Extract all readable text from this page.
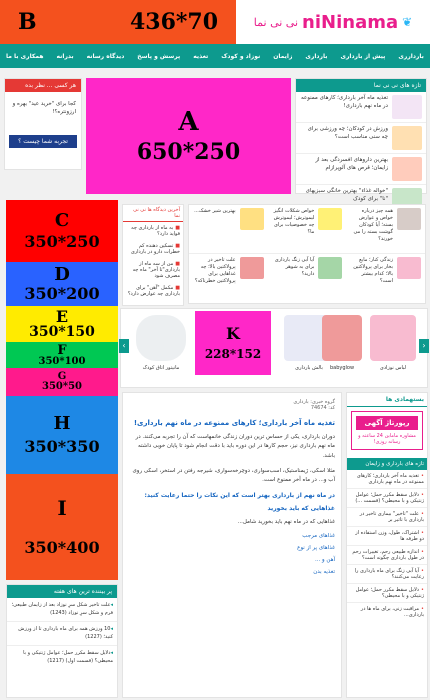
B	436*70	نی نی نما niNinama ❦
باردارری
پیش از بارداری
بارداری
زایمان
نوزاد و کودک
تغذیه
پرسش و پاسخ
دیدگاه رسانه
بدرانه
همکاری با ما
هر کسی ... نظر بده
کجا برای "خرید عید" بهره و ارزونتره؟!
تجربه شما چیست ؟
A
650*250
تازه های نی نی نما
تغذیه ماه آخر بارداری؛ کارهای ممنوعه در ماه نهم بارداری!
ورزش در کودکان؛ چه ورزشی برای چه سنی مناسب است؟
بهترین داروهای افسردگی بعد از زایمان؛ قرص های آلوپرازام
"خواله غذاء" بهترین خانگی سبزیهای "نا" برای کودک
C
350*250
D
350*200
E
350*150
F
350*100
G
350*50
H
350*350
I
350*400
آخرین دیدگاه ها نی نی نما
■به ماه از بارداری چه فواید دارد؟
■تسکین دهنده کم خطرات دارو در بارداری
■من از سه ماه از بارداری"تا آخر" ماه چه مصرف شود
■مکمل "آهن" برای بارداری چه عوارض دارد؟
همه چیز درباره خواص و عوارض بسته؛ آیا کودکان گوشت بسته را می خورند؟
خواص شکلات انگیز لیموترش؛ لیموترش چه خصوصیات برای ما؟
بهترین شیر خشک...
زندگی کنار؛ مایع بخار برای پرولاکتین بالا؛ کدام بیشتر است؟
آیا آبی زنگ بارداری برای به شوهر دارید؟
علت تاخیر در پرولاکتین بالا؛ چه غذاهایی برای پرولاکتین خطرناکه؟
‹	›
مانیتور اتاق کودک
K
228*152
بالش بارداری	babyglow	لباس نوزادی
بستهمادی ها
رپورتاژ آگهی
مشاوره ماماین 24 ساعته و رسانه روزی!
تازه های بارداری و زایمان
•تغذیه ماه آخر بارداری؛ کارهای ممنوعه در ماه نهم بارداری
•دلایل سقط مکرر حمل؛ عوامل ژنتیکی و با محیطی؟ (قسمت ...)
•علت "تاخیر" بیماری تاخیر در بارداری با تاثیر بر
•اشتراک، طول، وزن استفاده از دو طرفه ها
•اندازه طبیعی رحم، تغییرات رحم در طول بارداری چگونه است؟
•آیا آبی زنگ برای ماه بارداری را رعایت می‌کنند؟
•دلایل سقط مکرر حمل؛ عوامل ژنتیکی و با محیطی؟
•مراقبت زنی، برای ماه ها در بارداری...
گروه خبری: بارداری
کد: 74674
تغذیه ماه آخر بارداری؛ کارهای ممنوعه در ماه نهم بارداری!
دوران بارداری، یکی از حساس ترین دوران زندگی خانمهاست که آن را تجربه می‌کنند. در ماه نهم بارداری نیز، حجم کارها در این دوره باید با دقت انجام شود تا پایان خوبی داشته باشد.
مثلا اسکی، ژیمناستیک، اسب‌سواری، دوچرخه‌سواری، شیرجه رفتن در استخر، اسکی روی آب و... در ماه آخر ممنوع است.
در ماه نهم از بارداری بهتر است که این نکات را حتما رعایت کنید:
غذاهایی که باید بخورید
غذاهایی که در ماه نهم باید بخورید شامل...
غذاهای مرجب
غذاهای پر از نوع
آهن و ...
تغذیه بدن
پر بیننده ترین های هفته
◂علت تاخیر شکل سرِ نوزاد بعد از زایمان طبیعی؛ فرم و شکل سرِ نوزاد (1243)
◂10 ورزش همه برای ماه بارداری تا از ورزش کنید؛ (1227)
◂دلایل سقط مکرر حمل؛ عوامل ژنتیکی و با محیطی؟ (قسمت اول) (1217)
